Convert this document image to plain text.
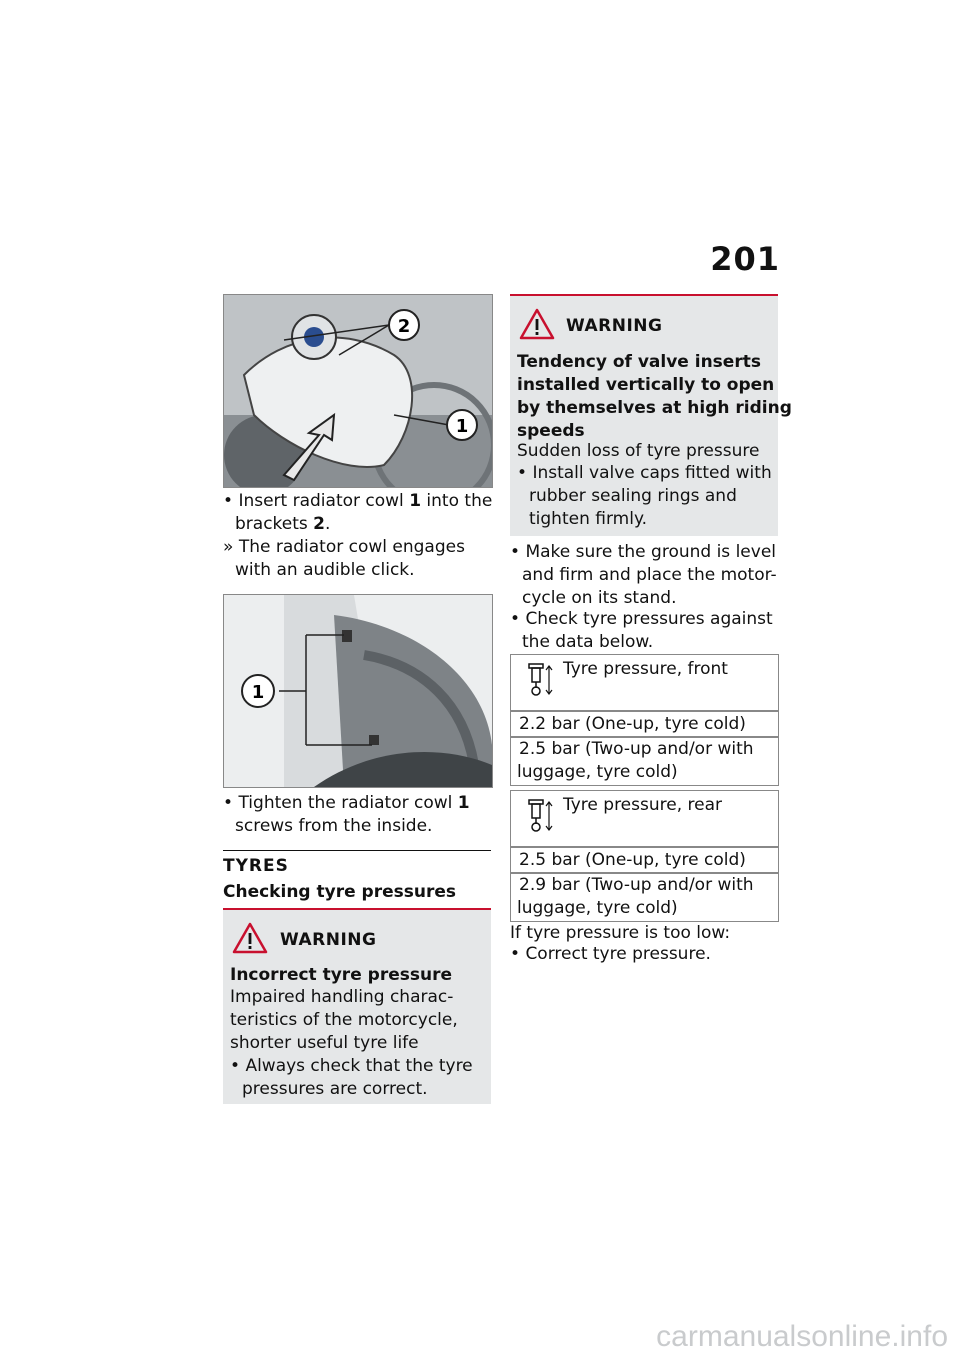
201
2
1
• Insert radiator cowl 1 into the
brackets 2.
» The radiator cowl engages
with an audible click.
1
• Tighten the radiator cowl 1
screws from the inside.
TYRES
Checking tyre pressures
WARNING
Incorrect tyre pressure
Impaired handling charac-
teristics of the motorcycle,
shorter useful tyre life
• Always check that the tyre
pressures are correct.
WARNING
Tendency of valve inserts
installed vertically to open
by themselves at high riding
speeds
Sudden loss of tyre pressure
• Install valve caps fitted with
rubber sealing rings and
tighten firmly.
• Make sure the ground is level
and firm and place the motor-
cycle on its stand.
• Check tyre pressures against
the data below.
Tyre pressure, front
2.2 bar (One-up, tyre cold)
2.5 bar (Two-up and/or with
luggage, tyre cold)
Tyre pressure, rear
2.5 bar (One-up, tyre cold)
2.9 bar (Two-up and/or with
luggage, tyre cold)
If tyre pressure is too low:
• Correct tyre pressure.
carmanualsonline.info
